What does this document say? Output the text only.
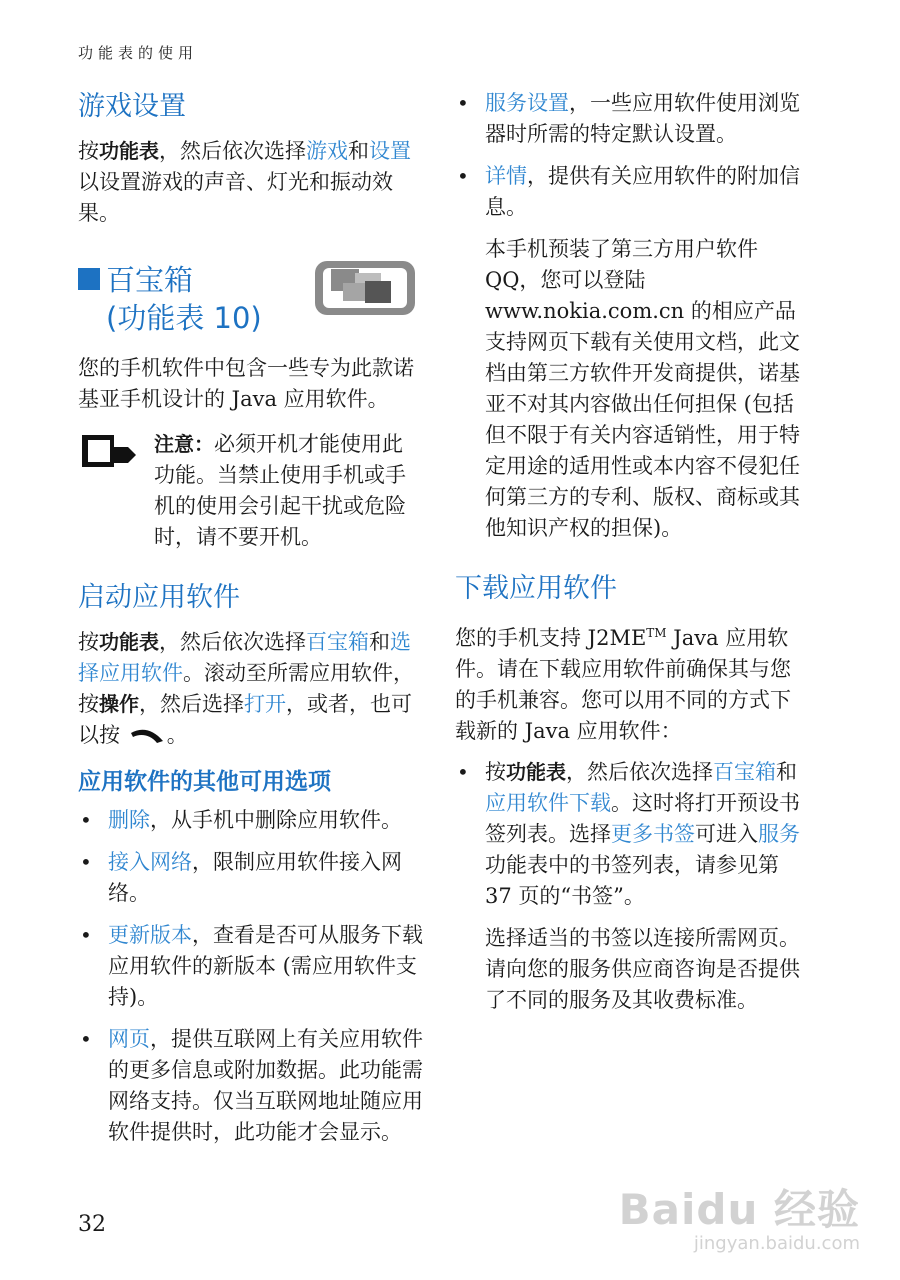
功能表的使用
游戏设置

按功能表，然后依次选择游戏和设置以设置游戏的声音、灯光和振动效果。

百宝箱
(功能表 10)

您的手机软件中包含一些专为此款诺基亚手机设计的 Java 应用软件。

注意：必须开机才能使用此功能。当禁止使用手机或手机的使用会引起干扰或危险时，请不要开机。

启动应用软件

按功能表，然后依次选择百宝箱和选择应用软件。滚动至所需应用软件，按操作，然后选择打开，或者，也可以按 。

应用软件的其他可用选项
• 删除，从手机中删除应用软件。
• 接入网络，限制应用软件接入网络。
• 更新版本，查看是否可从服务下载应用软件的新版本 (需应用软件支持)。
• 网页，提供互联网上有关应用软件的更多信息或附加数据。此功能需网络支持。仅当互联网地址随应用软件提供时，此功能才会显示。
• 服务设置，一些应用软件使用浏览器时所需的特定默认设置。
• 详情，提供有关应用软件的附加信息。

本手机预装了第三方用户软件 QQ，您可以登陆 www.nokia.com.cn 的相应产品支持网页下载有关使用文档，此文档由第三方软件开发商提供，诺基亚不对其内容做出任何担保 (包括但不限于有关内容适销性，用于特定用途的适用性或本内容不侵犯任何第三方的专利、版权、商标或其他知识产权的担保)。

下载应用软件

您的手机支持 J2ME™ Java 应用软件。请在下载应用软件前确保其与您的手机兼容。您可以用不同的方式下载新的 Java 应用软件：

• 按功能表，然后依次选择百宝箱和应用软件下载。这时将打开预设书签列表。选择更多书签可进入服务功能表中的书签列表，请参见第 37 页的“书签”。

选择适当的书签以连接所需网页。请向您的服务供应商咨询是否提供了不同的服务及其收费标准。

32	Baidu 经验
jingyan.baidu.com
